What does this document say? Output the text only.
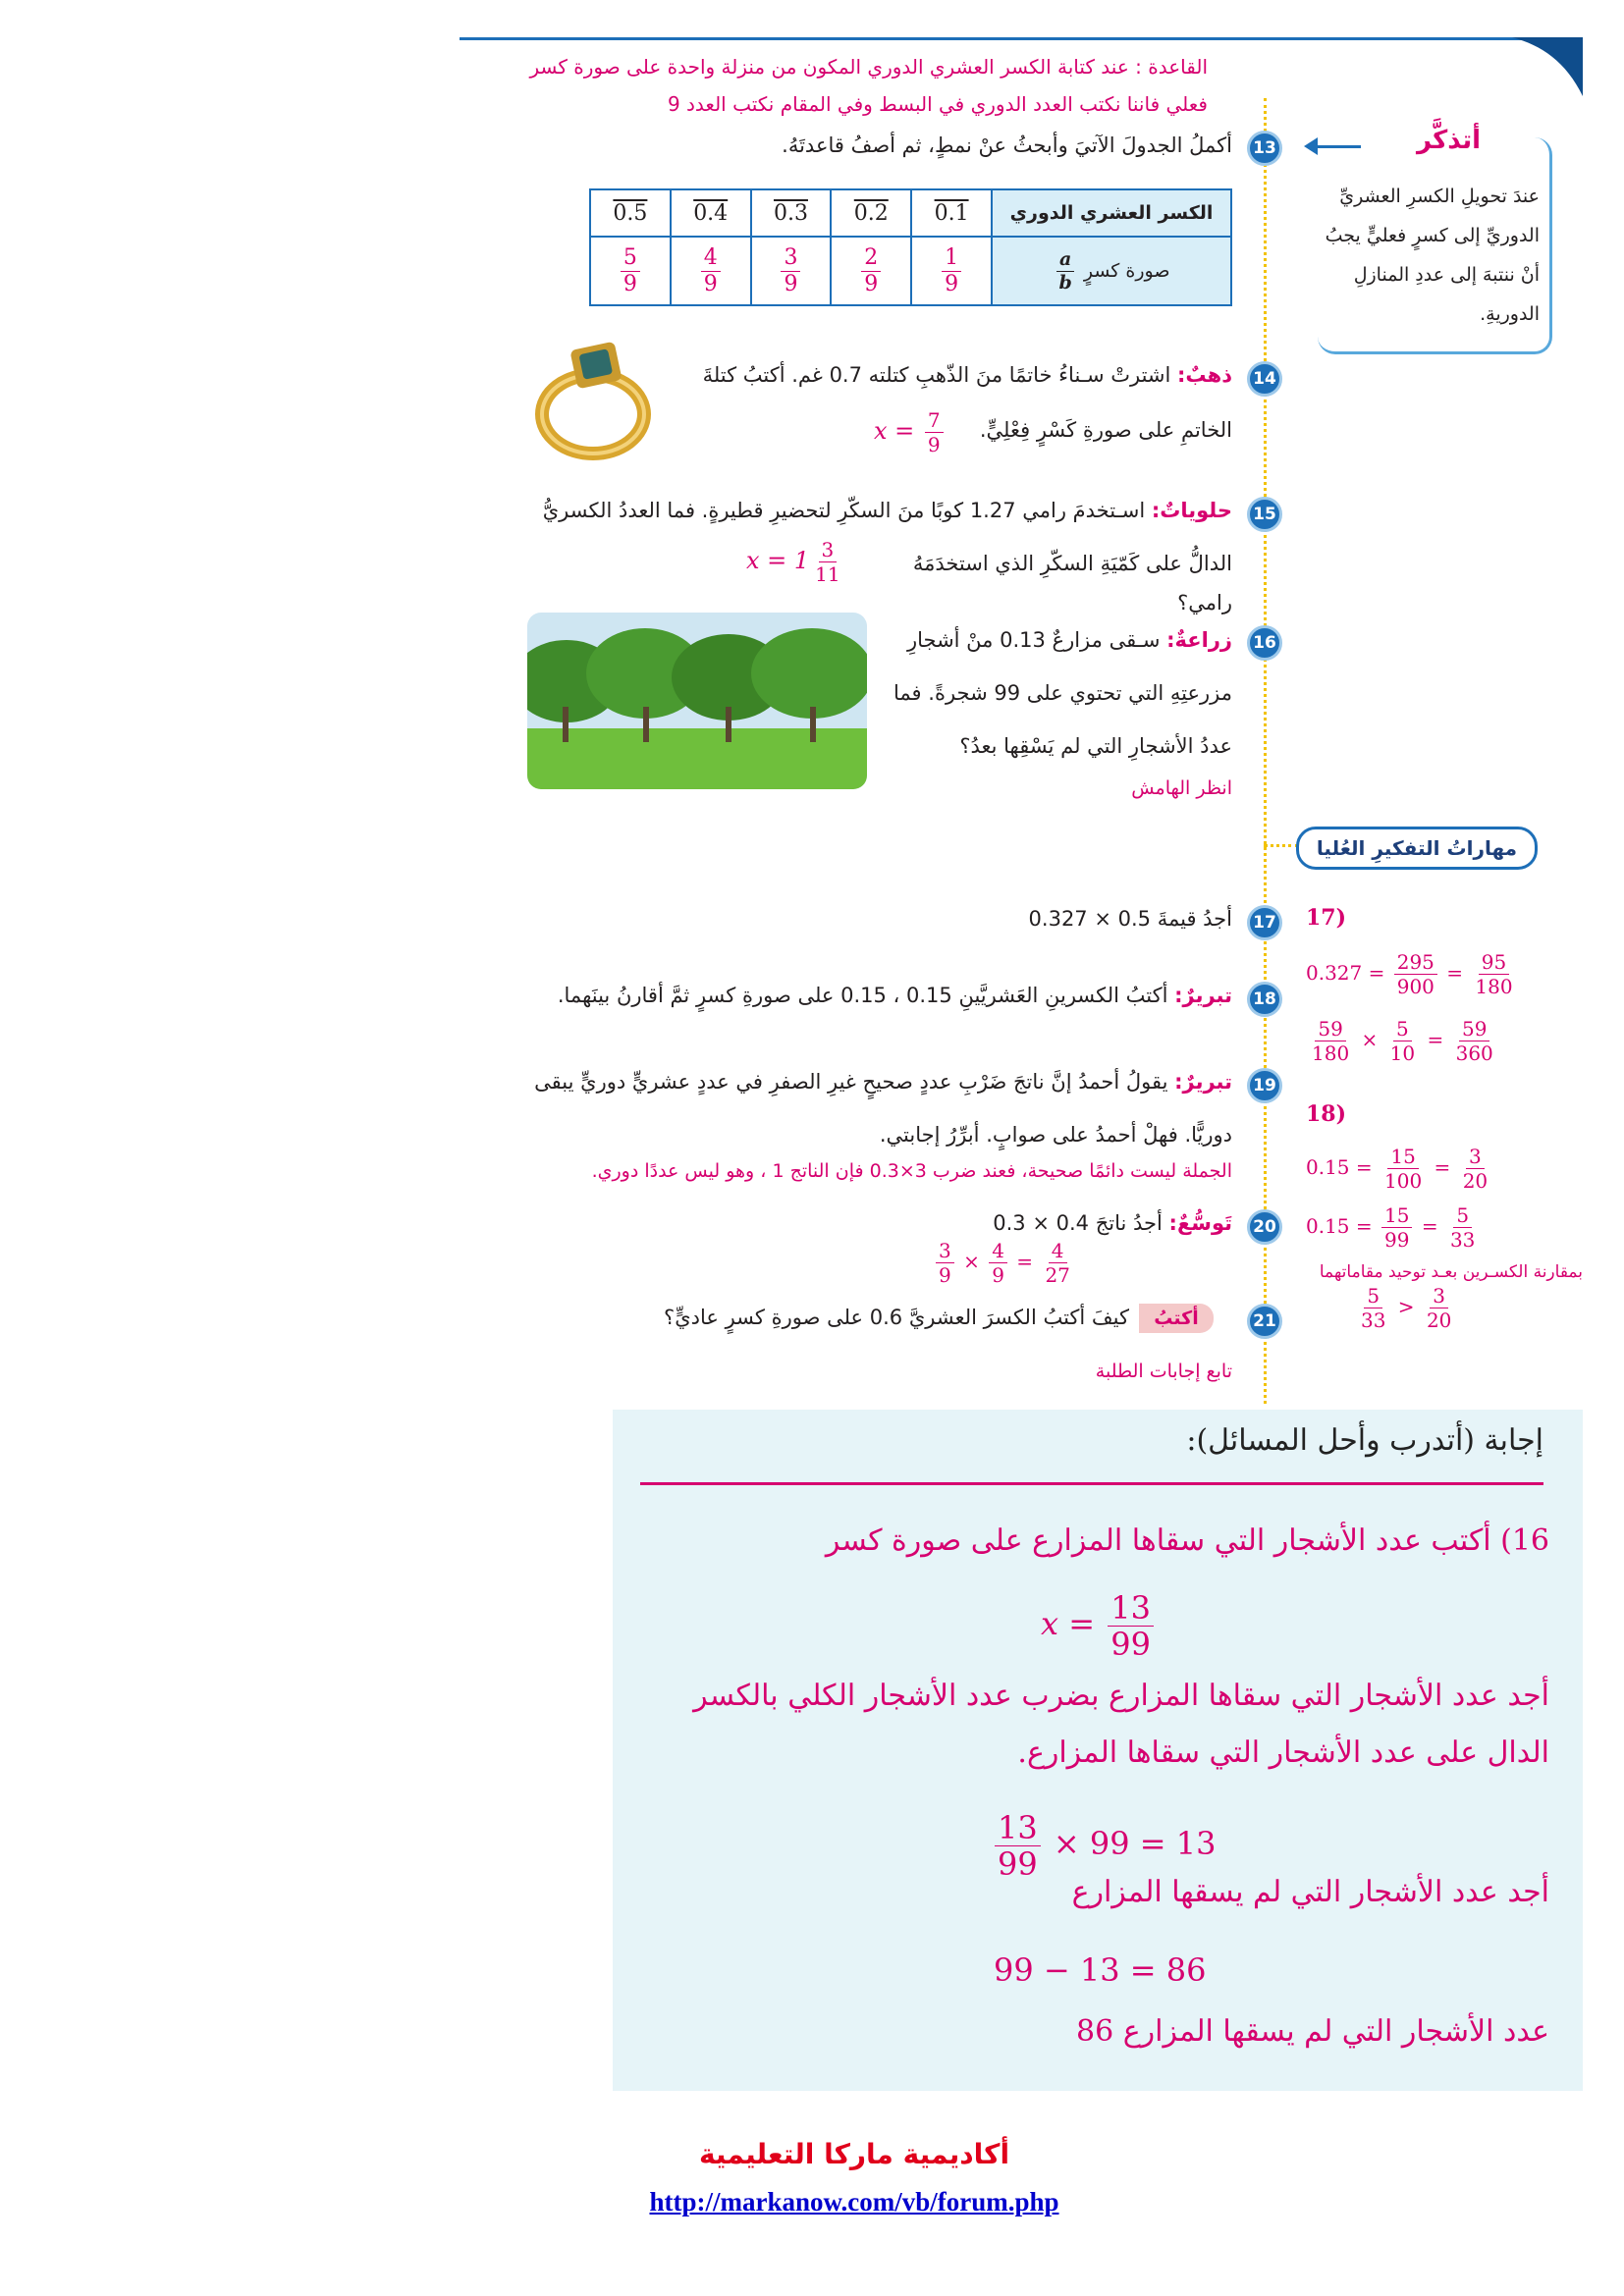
القاعدة : عند كتابة الكسر العشري الدوري المكون من منزلة واحدة على صورة كسر
فعلي فاننا نكتب العدد الدوري في البسط وفي المقام نكتب العدد 9
أتذكَّر
عندَ تحويلِ الكسرِ العشريِّ الدوريِّ إلى كسرٍ فعليٍّ يجبُ أنْ ننتبهَ إلى عددِ المنازلِ الدوريةِ.
13
أكملُ الجدولَ الآتيَ وأبحثُ عنْ نمطٍ، ثم أصفُ قاعدتَهُ.
0.5	0.4	0.3	0.2	0.1	الكسر العشري الدوري

$\frac{5}{9}$	$\frac{4}{9}$	$\frac{3}{9}$	$\frac{2}{9}$	$\frac{1}{9}$	صورة كسرٍ
$\frac{a}{b}$
14
ذهبٌ: اشترتْ سـناءُ خاتمًا منَ الذّهبِ كتلته 0.7 غم. أكتبُ كتلةَ
الخاتمِ على صورةِ كَسْرٍ فِعْلِيٍّ.
$x = \frac{7}{9}$
15
حلوياتٌ: اسـتخدمَ رامي 1.27 كوبًا منَ السكّرِ لتحضيرِ قطيرةٍ. فما العددُ الكسريُّ
الدالُّ على كَمّيَةِ السكّرِ الذي استخدَمَهُ رامي؟
$x = 1 \frac{3}{11}$
16
زراعةٌ: سـقى مزارعٌ 0.13 منْ أشجارِ
مزرعتِهِ التي تحتوي على 99 شجرةً. فما
عددُ الأشجارِ التي لم يَسْقِها بعدُ؟
انظر الهامش
مهاراتُ التفكيرِ العُليا
17
أجدُ قيمةَ 0.5 × 0.327
18
تبريرٌ: أكتبُ الكسرينِ العَشريَّينِ 0.15 ، 0.15 على صورةِ كسرٍ ثمَّ أقارنُ بينَهما.
19
تبريرٌ: يقولُ أحمدُ إنَّ ناتجَ ضَرْبِ عددٍ صحيحٍ غيرِ الصفرِ في عددٍ عشريٍّ دوريٍّ يبقى
دوريًّا. فهلْ أحمدُ على صوابٍ. أبرِّرُ إجابتي.
الجملة ليست دائمًا صحيحة، فعند ضرب 3×0.3 فإن الناتج 1 ، وهو ليس عددًا دوري.
20
تَوسُّعٌ: أجدُ ناتجَ 0.4 × 0.3
$\frac{3}{9} \times \frac{4}{9} = \frac{4}{27}$
21
أكتبُ
كيفَ أكتبُ الكسرَ العشريَّ 0.6 على صورةِ كسرٍ عاديٍّ؟
تابع إجابات الطلبة
17)
$0.327 = \frac{295}{900} = \frac{95}{180}$
$\frac{59}{180} \times \frac{5}{10} = \frac{59}{360}$
18)
$0.15 = \frac{15}{100} = \frac{3}{20}$
$0.15 = \frac{15}{99} = \frac{5}{33}$
بمقارنة الكسـرين بعـد توحيد مقاماتهما
$\frac{5}{33} > \frac{3}{20}$
إجابة (أتدرب وأحل المسائل):
16) أكتب عدد الأشجار التي سقاها المزارع على صورة كسر
$x = \frac{13}{99}$
أجد عدد الأشجار التي سقاها المزارع بضرب عدد الأشجار الكلي بالكسر
الدال على عدد الأشجار التي سقاها المزارع.
$\frac{13}{99} \times 99 = 13$
أجد عدد الأشجار التي لم يسقها المزارع
99 − 13 = 86
عدد الأشجار التي لم يسقها المزارع 86
أكاديمية ماركا التعليمية
http://markanow.com/vb/forum.php
